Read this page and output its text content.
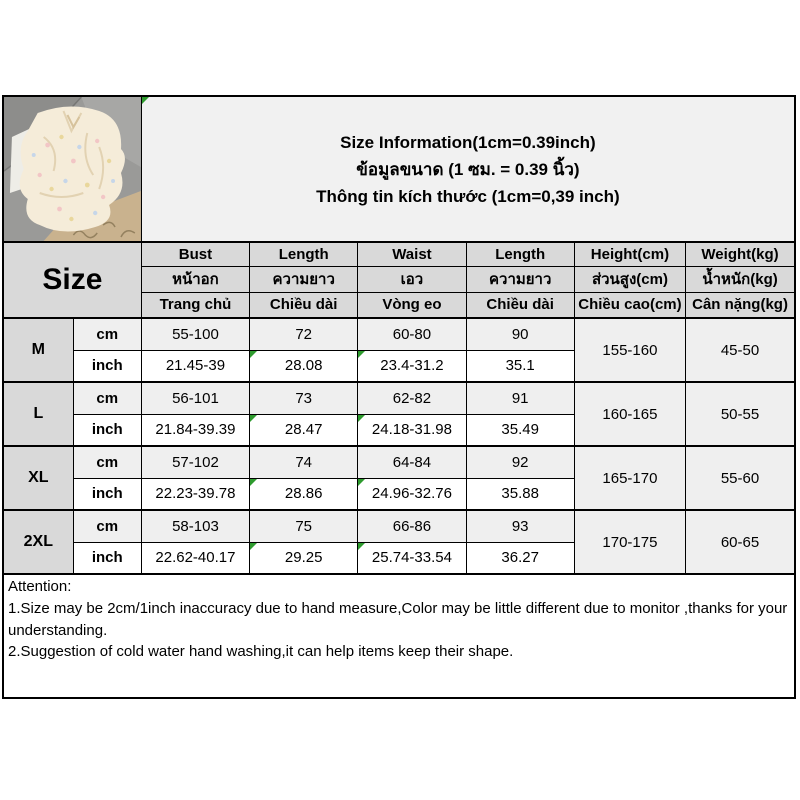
Size Information(1cm=0.39inch)
ข้อมูลขนาด (1 ซม. = 0.39 นิ้ว)
Thông tin kích thước (1cm=0,39 inch)					

Size		Bust	Length	Waist	Length	Height(cm)	Weight(kg)
		หน้าอก	ความยาว	เอว	ความยาว	ส่วนสูง(cm)	น้ำหนัก(kg)
		Trang chủ	Chiều dài	Vòng eo	Chiều dài	Chiều cao(cm)	Cân nặng(kg)
M	cm	55-100	72	60-80	90	155-160	45-50
	inch	21.45-39	28.08	23.4-31.2	35.1		
L	cm	56-101	73	62-82	91	160-165	50-55
	inch	21.84-39.39	28.47	24.18-31.98	35.49		
XL	cm	57-102	74	64-84	92	165-170	55-60
	inch	22.23-39.78	28.86	24.96-32.76	35.88		
2XL	cm	58-103	75	66-86	93	170-175	60-65
	inch	22.62-40.17	29.25	25.74-33.54	36.27		

Attention:
1.Size may be 2cm/1inch inaccuracy due to hand measure,Color may be little different due to monitor ,thanks for your understanding.
2.Suggestion of cold water hand washing,it can help items keep their shape.							
